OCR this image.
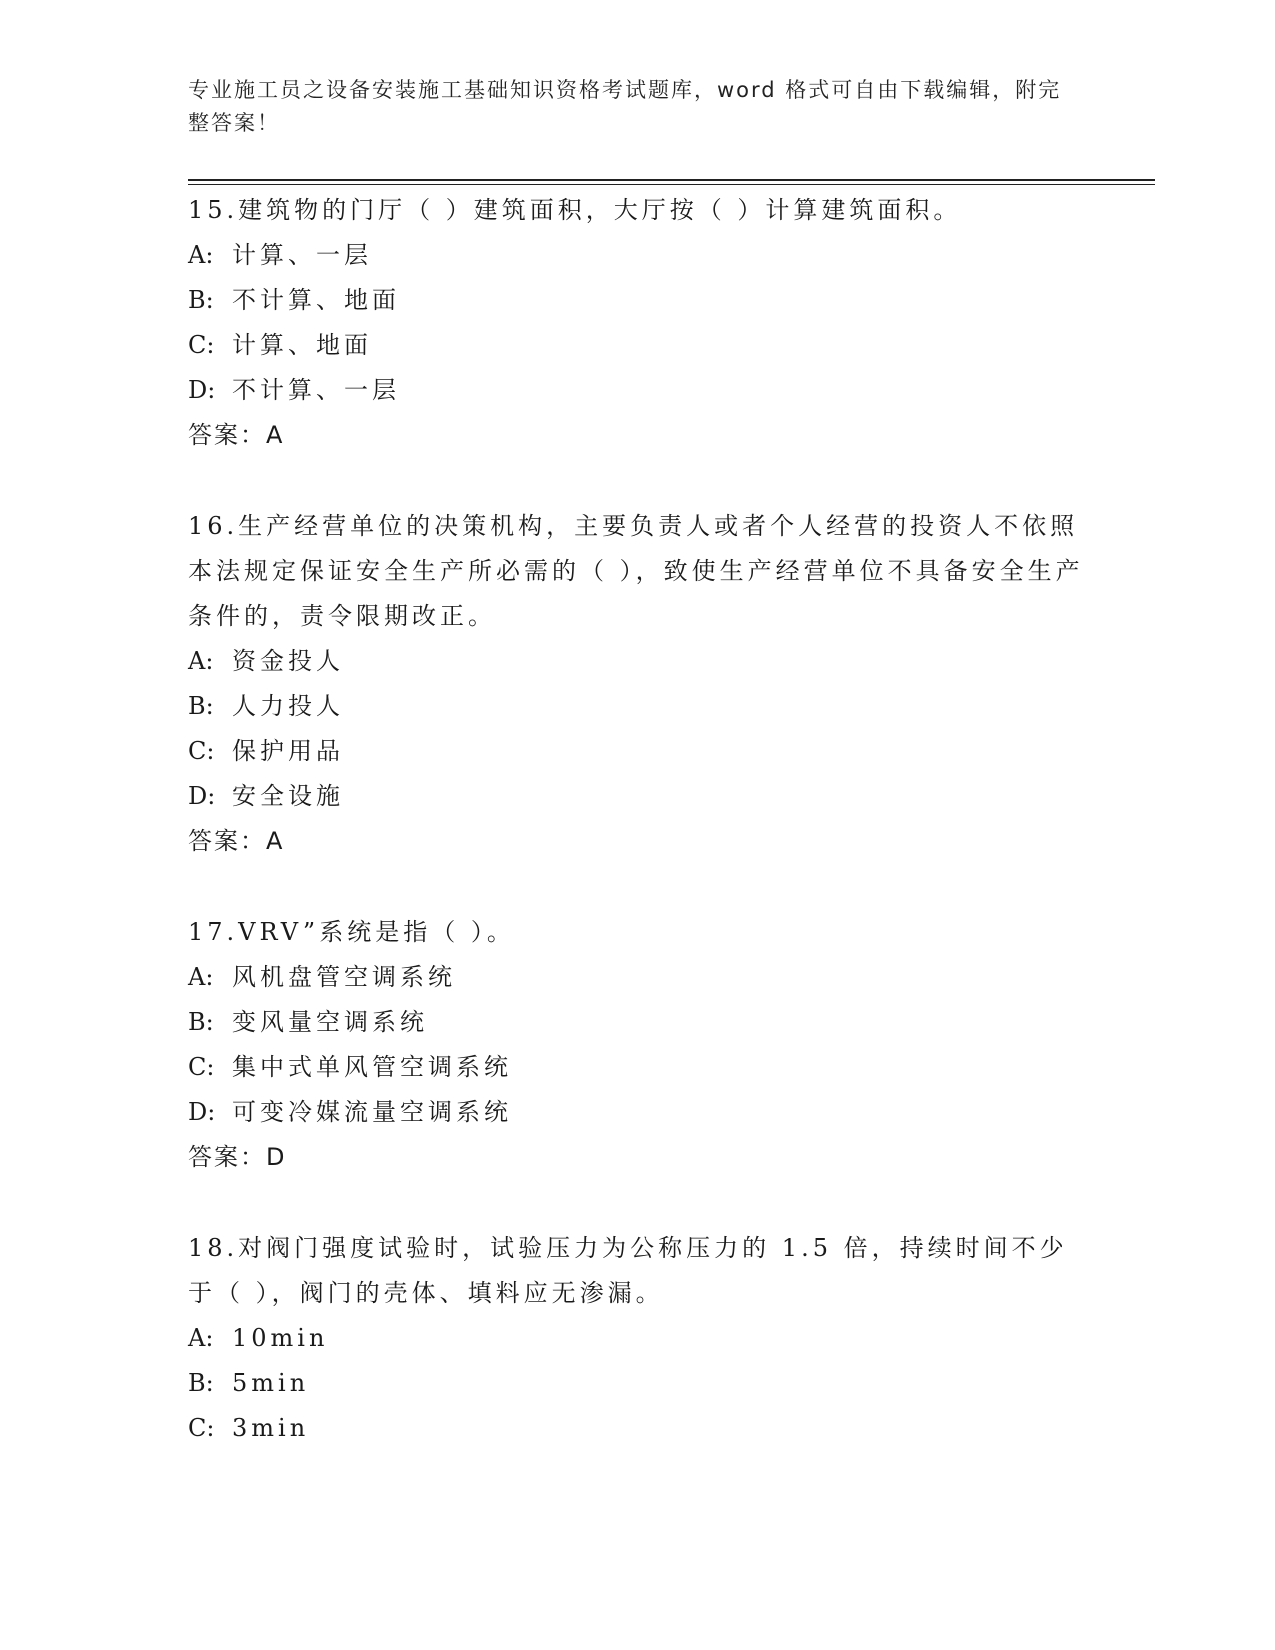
专业施工员之设备安装施工基础知识资格考试题库，word 格式可自由下载编辑，附完整答案！

15.建筑物的门厅（ ）建筑面积，大厅按（ ）计算建筑面积。

A: 计算、一层

B: 不计算、地面

C: 计算、地面

D: 不计算、一层

答案：A

16.生产经营单位的决策机构，主要负责人或者个人经营的投资人不依照本法规定保证安全生产所必需的（ ），致使生产经营单位不具备安全生产条件的，责令限期改正。

A: 资金投人

B: 人力投人

C: 保护用品

D: 安全设施

答案：A

17.VRV”系统是指（ ）。

A: 风机盘管空调系统

B: 变风量空调系统

C: 集中式单风管空调系统

D: 可变冷媒流量空调系统

答案：D

18.对阀门强度试验时，试验压力为公称压力的 1.5 倍，持续时间不少于（ ），阀门的壳体、填料应无渗漏。

A: 10min

B: 5min

C: 3min
